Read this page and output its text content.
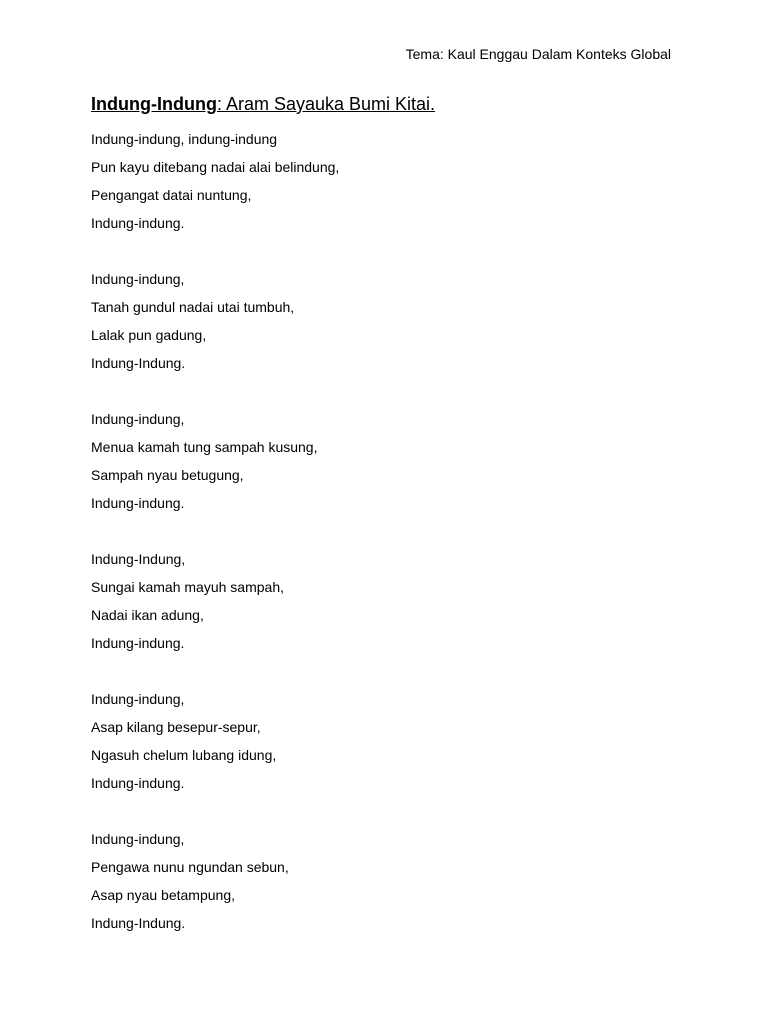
Tema: Kaul Enggau Dalam Konteks Global
Indung-Indung: Aram Sayauka Bumi Kitai.
Indung-indung, indung-indung
Pun kayu ditebang nadai alai belindung,
Pengangat datai nuntung,
Indung-indung.
Indung-indung,
Tanah gundul nadai utai tumbuh,
Lalak pun gadung,
Indung-Indung.
Indung-indung,
Menua kamah tung sampah kusung,
Sampah nyau betugung,
Indung-indung.
Indung-Indung,
Sungai kamah mayuh sampah,
Nadai ikan adung,
Indung-indung.
Indung-indung,
Asap kilang besepur-sepur,
Ngasuh chelum lubang idung,
Indung-indung.
Indung-indung,
Pengawa nunu ngundan sebun,
Asap nyau betampung,
Indung-Indung.
